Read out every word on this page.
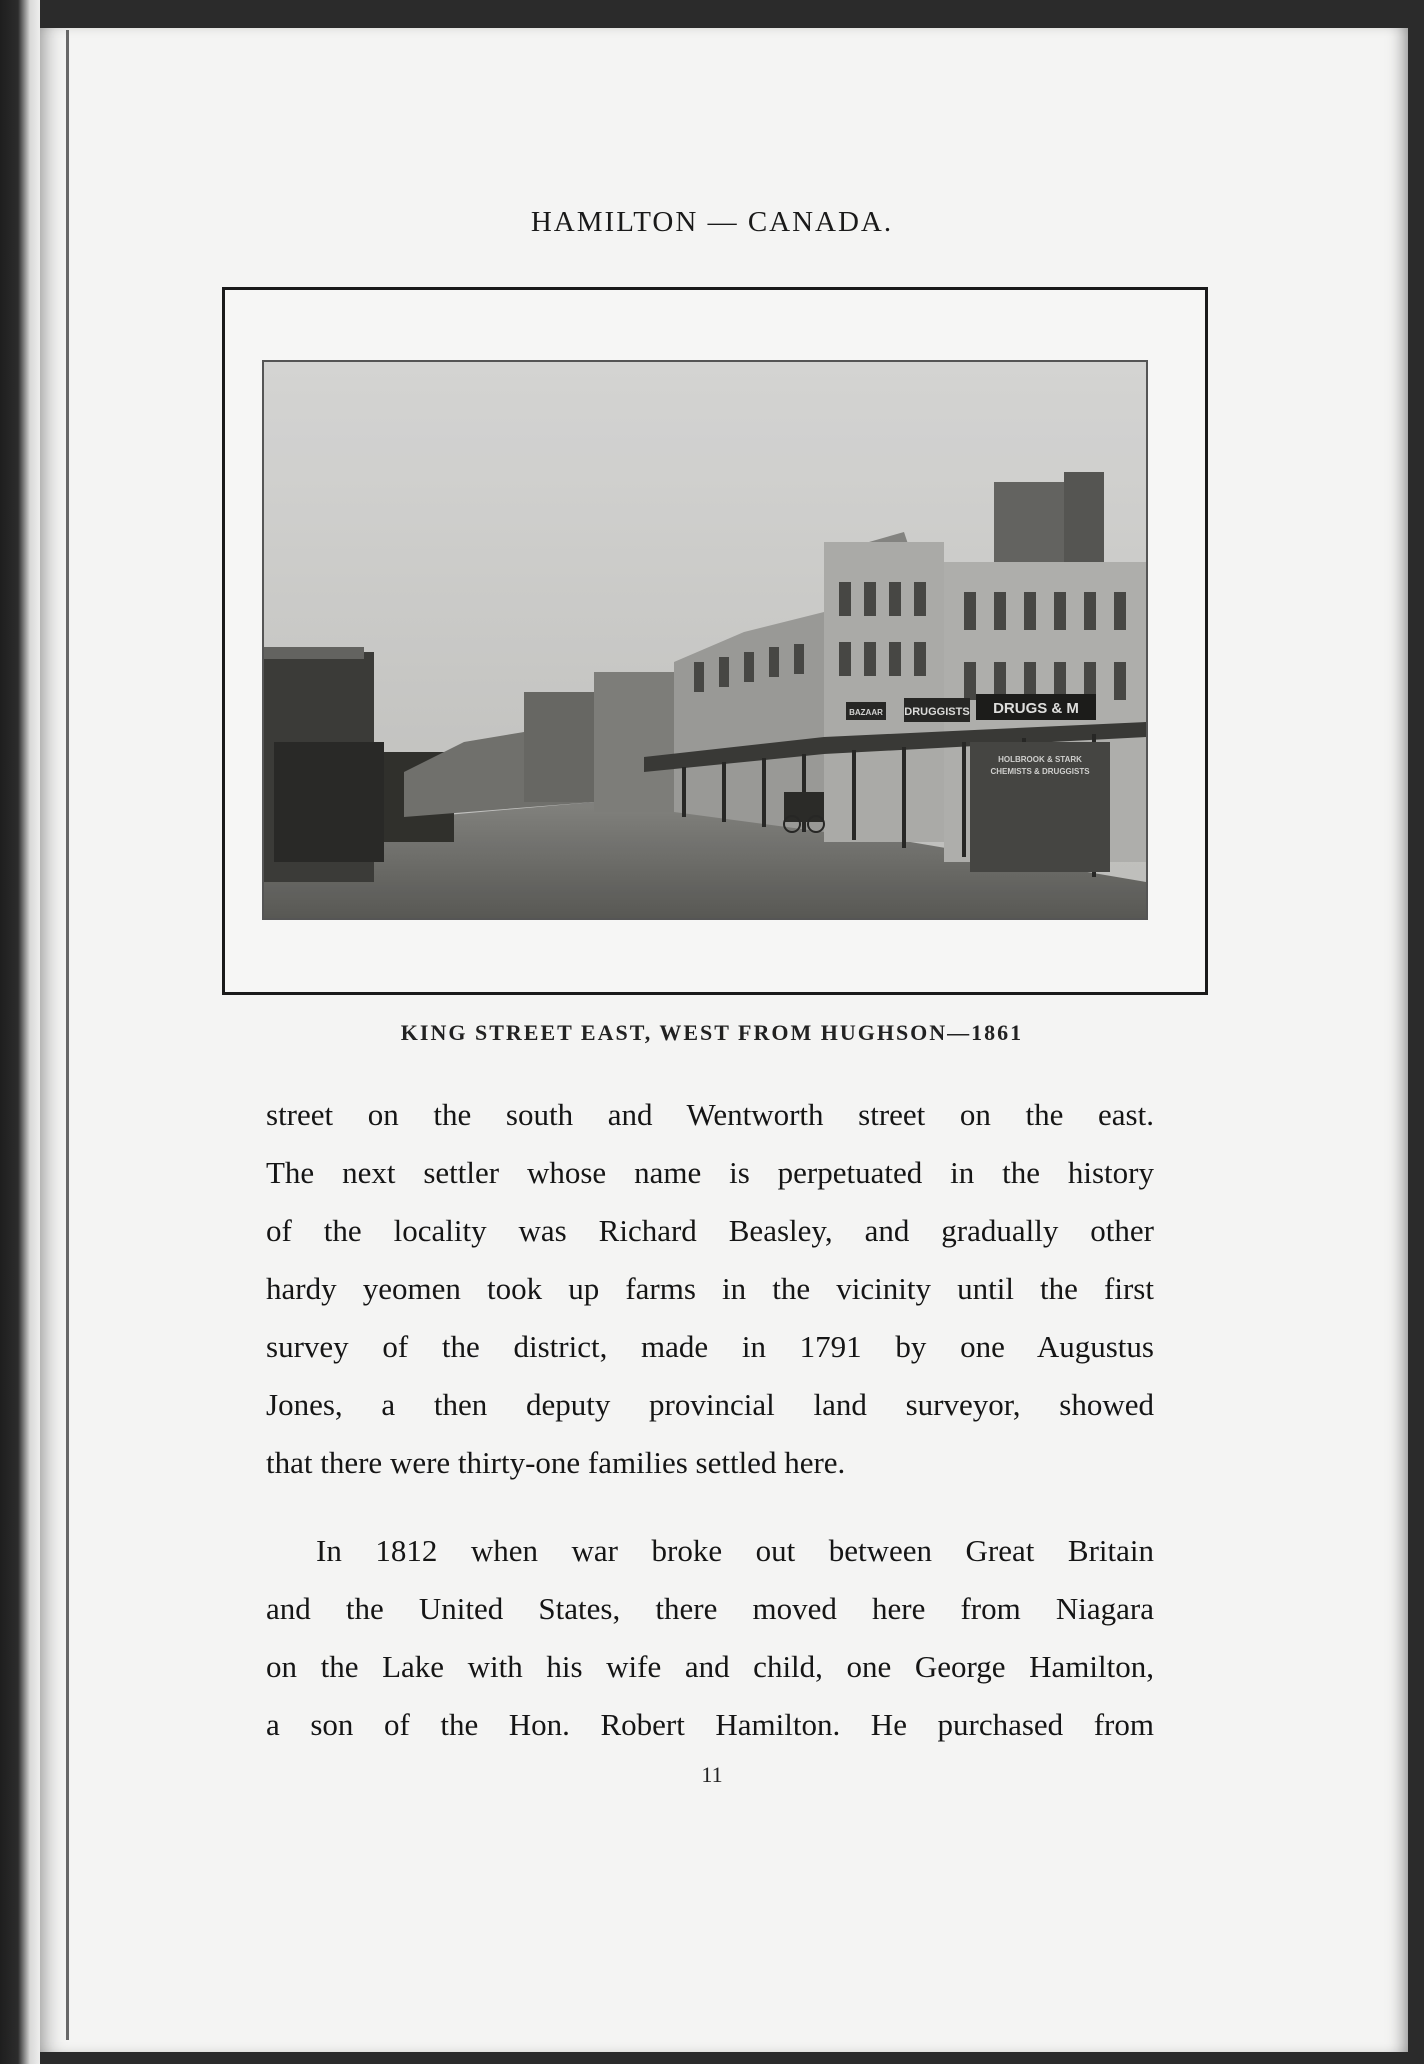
HAMILTON — CANADA.
DRUGGISTS DRUGS & M
HOLBROOK & STARK
CHEMISTS & DRUGGISTS
BAZAAR
KING STREET EAST, WEST FROM HUGHSON—1861
street on the south and Wentworth street on the east.
The next settler whose name is perpetuated in the history
of the locality was Richard Beasley, and gradually other
hardy yeomen took up farms in the vicinity until the first
survey of the district, made in 1791 by one Augustus
Jones, a then deputy provincial land surveyor, showed
that there were thirty-one families settled here.
In 1812 when war broke out between Great Britain
and the United States, there moved here from Niagara
on the Lake with his wife and child, one George Hamilton,
a son of the Hon. Robert Hamilton. He purchased from
11
